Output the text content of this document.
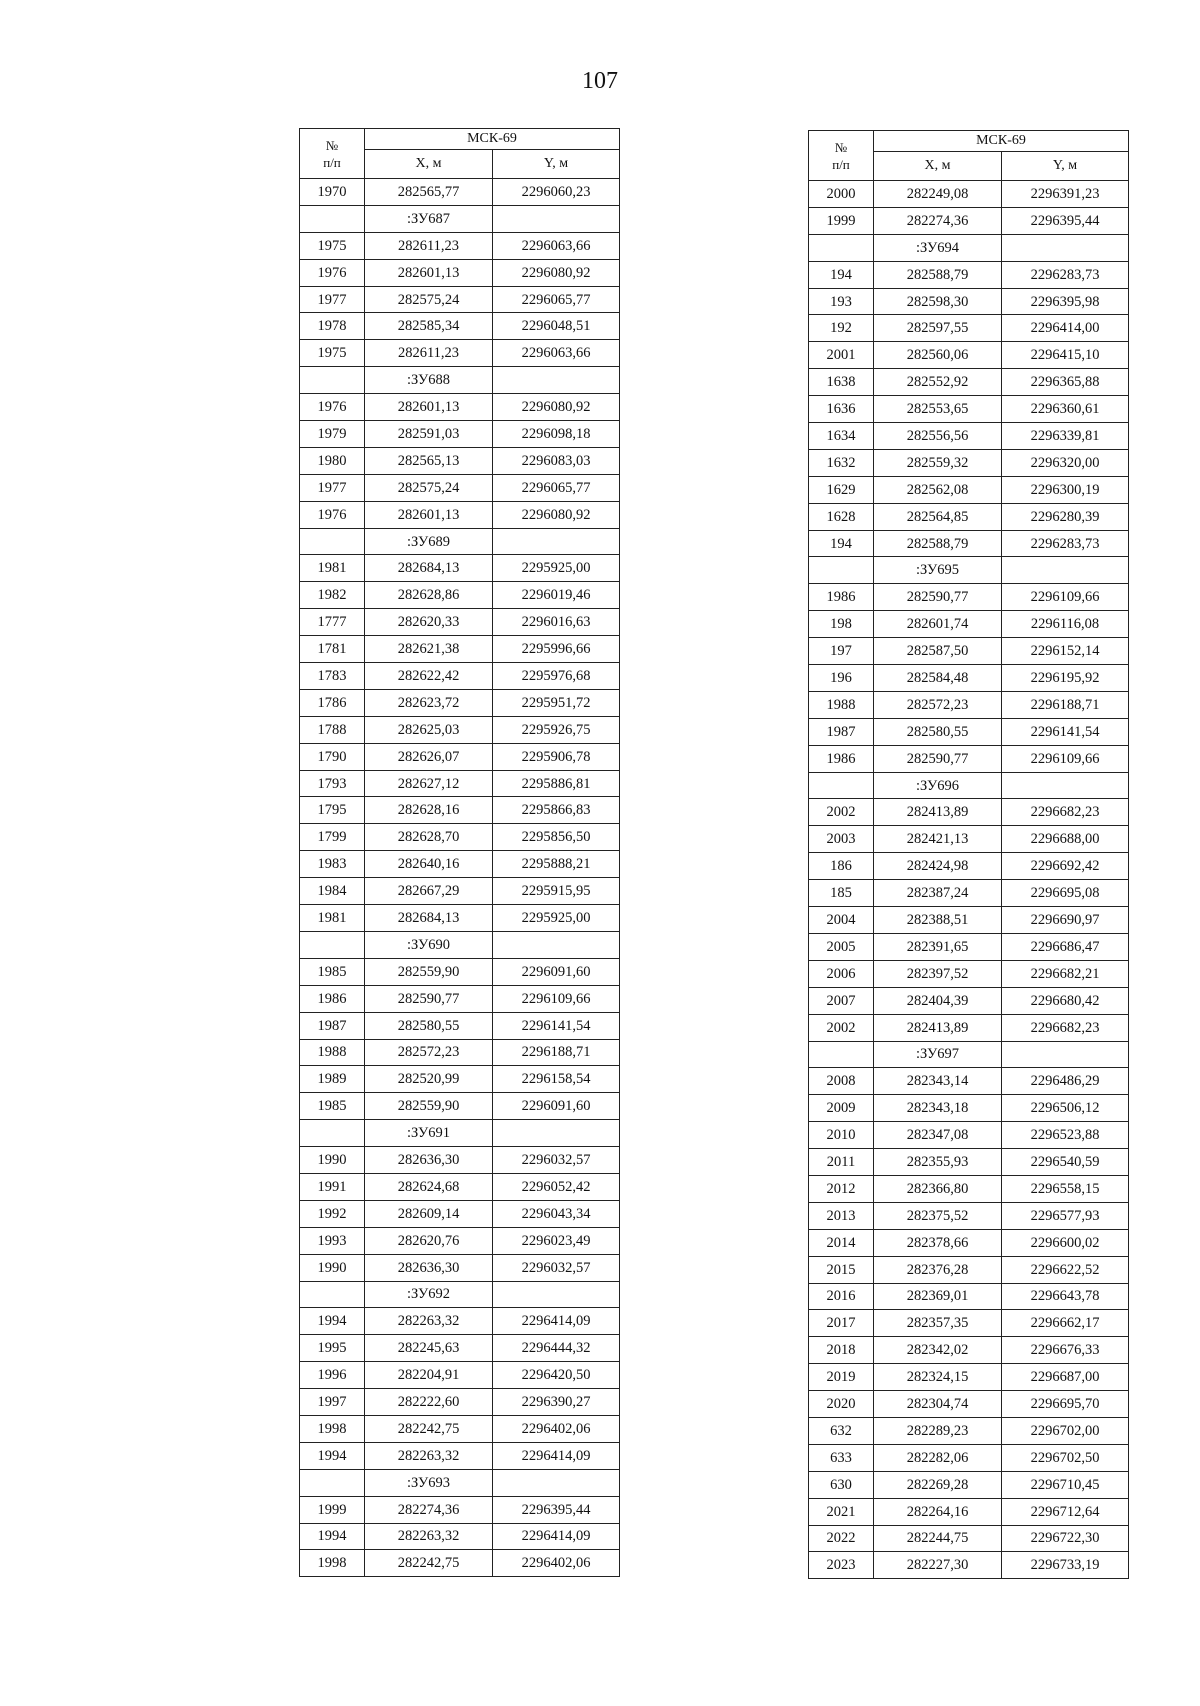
107
№
п/п	МСК-69	
	X, м	Y, м
1970	282565,77	2296060,23
	:ЗУ687	
1975	282611,23	2296063,66
1976	282601,13	2296080,92
1977	282575,24	2296065,77
1978	282585,34	2296048,51
1975	282611,23	2296063,66
	:ЗУ688	
1976	282601,13	2296080,92
1979	282591,03	2296098,18
1980	282565,13	2296083,03
1977	282575,24	2296065,77
1976	282601,13	2296080,92
	:ЗУ689	
1981	282684,13	2295925,00
1982	282628,86	2296019,46
1777	282620,33	2296016,63
1781	282621,38	2295996,66
1783	282622,42	2295976,68
1786	282623,72	2295951,72
1788	282625,03	2295926,75
1790	282626,07	2295906,78
1793	282627,12	2295886,81
1795	282628,16	2295866,83
1799	282628,70	2295856,50
1983	282640,16	2295888,21
1984	282667,29	2295915,95
1981	282684,13	2295925,00
	:ЗУ690	
1985	282559,90	2296091,60
1986	282590,77	2296109,66
1987	282580,55	2296141,54
1988	282572,23	2296188,71
1989	282520,99	2296158,54
1985	282559,90	2296091,60
	:ЗУ691	
1990	282636,30	2296032,57
1991	282624,68	2296052,42
1992	282609,14	2296043,34
1993	282620,76	2296023,49
1990	282636,30	2296032,57
	:ЗУ692	
1994	282263,32	2296414,09
1995	282245,63	2296444,32
1996	282204,91	2296420,50
1997	282222,60	2296390,27
1998	282242,75	2296402,06
1994	282263,32	2296414,09
	:ЗУ693	
1999	282274,36	2296395,44
1994	282263,32	2296414,09
1998	282242,75	2296402,06
№
п/п	МСК-69	
	X, м	Y, м
2000	282249,08	2296391,23
1999	282274,36	2296395,44
	:ЗУ694	
194	282588,79	2296283,73
193	282598,30	2296395,98
192	282597,55	2296414,00
2001	282560,06	2296415,10
1638	282552,92	2296365,88
1636	282553,65	2296360,61
1634	282556,56	2296339,81
1632	282559,32	2296320,00
1629	282562,08	2296300,19
1628	282564,85	2296280,39
194	282588,79	2296283,73
	:ЗУ695	
1986	282590,77	2296109,66
198	282601,74	2296116,08
197	282587,50	2296152,14
196	282584,48	2296195,92
1988	282572,23	2296188,71
1987	282580,55	2296141,54
1986	282590,77	2296109,66
	:ЗУ696	
2002	282413,89	2296682,23
2003	282421,13	2296688,00
186	282424,98	2296692,42
185	282387,24	2296695,08
2004	282388,51	2296690,97
2005	282391,65	2296686,47
2006	282397,52	2296682,21
2007	282404,39	2296680,42
2002	282413,89	2296682,23
	:ЗУ697	
2008	282343,14	2296486,29
2009	282343,18	2296506,12
2010	282347,08	2296523,88
2011	282355,93	2296540,59
2012	282366,80	2296558,15
2013	282375,52	2296577,93
2014	282378,66	2296600,02
2015	282376,28	2296622,52
2016	282369,01	2296643,78
2017	282357,35	2296662,17
2018	282342,02	2296676,33
2019	282324,15	2296687,00
2020	282304,74	2296695,70
632	282289,23	2296702,00
633	282282,06	2296702,50
630	282269,28	2296710,45
2021	282264,16	2296712,64
2022	282244,75	2296722,30
2023	282227,30	2296733,19
